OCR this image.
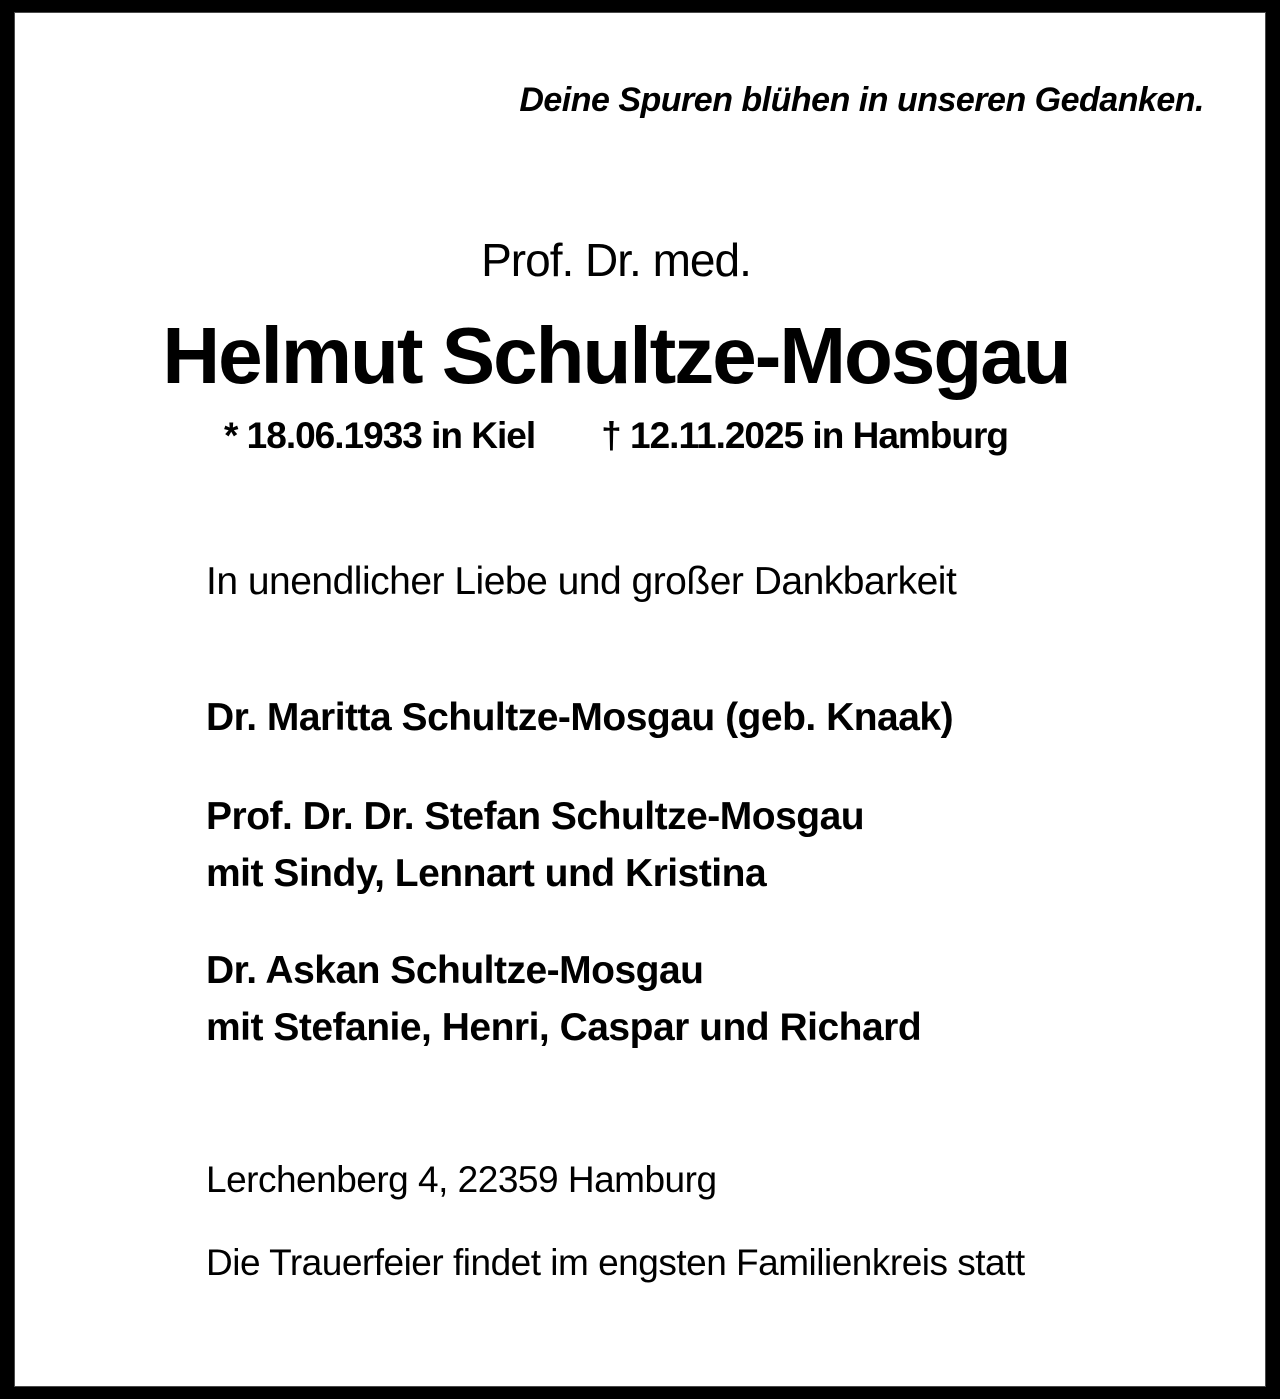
Deine Spuren blühen in unseren Gedanken.
Prof. Dr. med.
Helmut Schultze-Mosgau
* 18.06.1933 in Kiel † 12.11.2025 in Hamburg
In unendlicher Liebe und großer Dankbarkeit
Dr. Maritta Schultze-Mosgau (geb. Knaak)
Prof. Dr. Dr. Stefan Schultze-Mosgau
mit Sindy, Lennart und Kristina
Dr. Askan Schultze-Mosgau
mit Stefanie, Henri, Caspar und Richard
Lerchenberg 4, 22359 Hamburg
Die Trauerfeier findet im engsten Familienkreis statt
